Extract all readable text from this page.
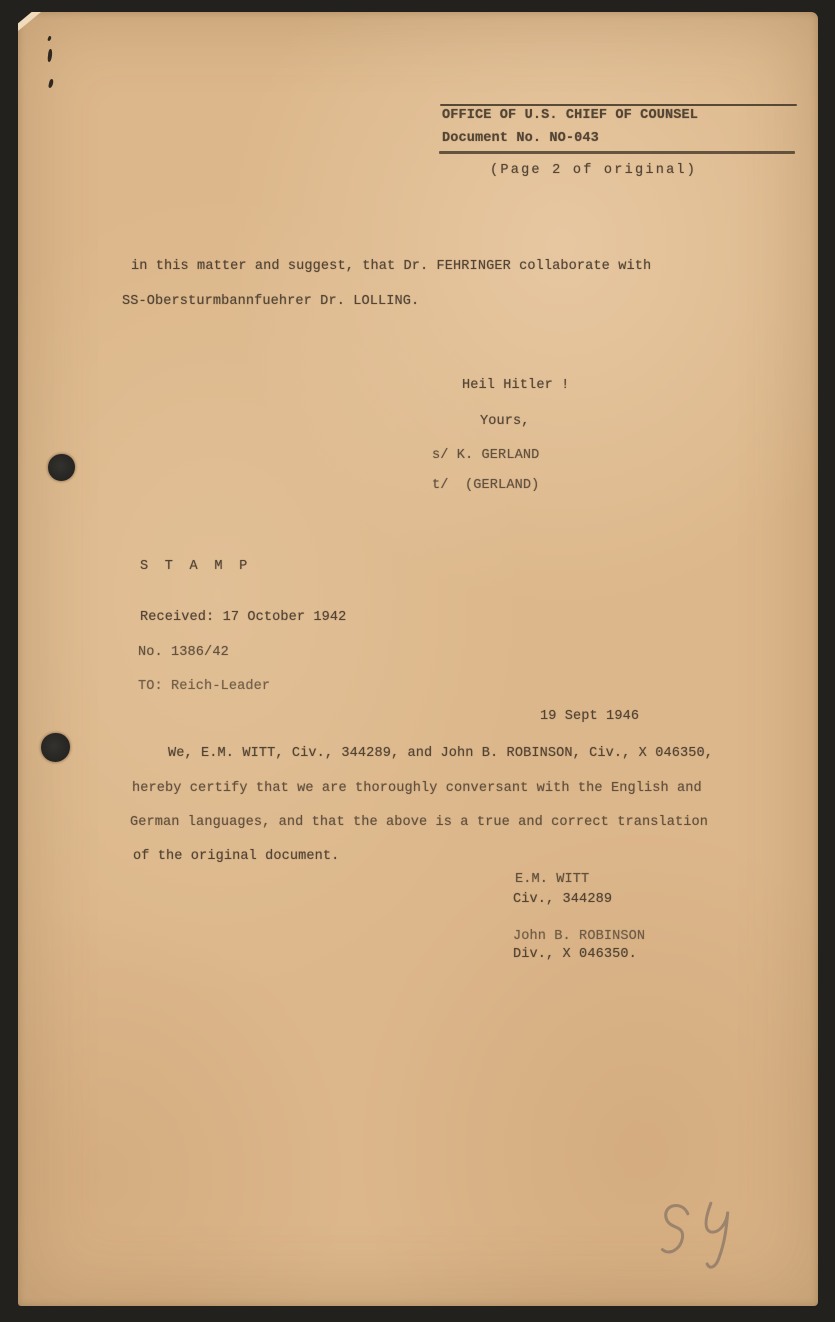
OFFICE OF U.S. CHIEF OF COUNSEL
Document No. NO-043
(Page 2 of original)
in this matter and suggest, that Dr. FEHRINGER collaborate with
SS-Obersturmbannfuehrer Dr. LOLLING.
Heil Hitler !
Yours,
s/ K. GERLAND
t/  (GERLAND)
S  T  A  M  P
Received: 17 October 1942
No. 1386/42
TO: Reich-Leader
19 Sept 1946
We, E.M. WITT, Civ., 344289, and John B. ROBINSON, Civ., X 046350,
hereby certify that we are thoroughly conversant with the English and
German languages, and that the above is a true and correct translation
of the original document.
E.M. WITT
Civ., 344289
John B. ROBINSON
Div., X 046350.
